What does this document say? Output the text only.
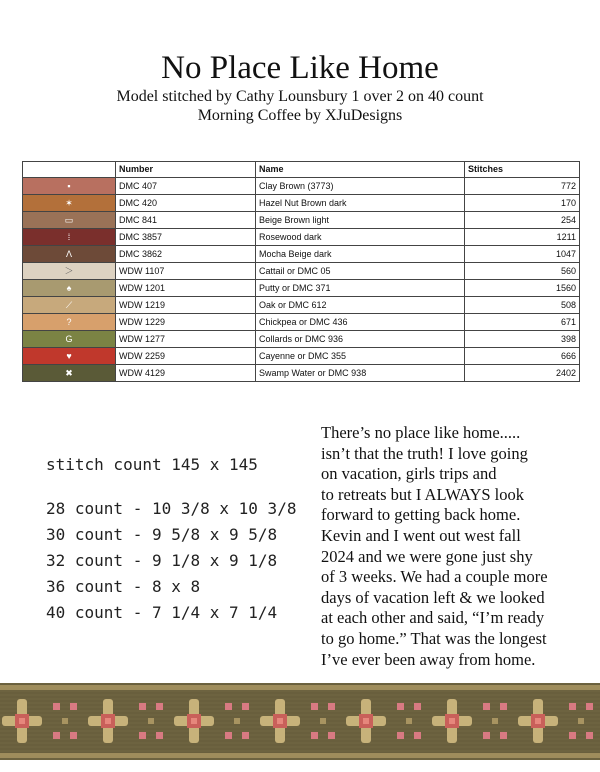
No Place Like Home
Model stitched by Cathy Lounsbury 1 over 2 on 40 count
Morning Coffee by XJuDesigns
	Number	Name	Stitches

▪	DMC 407	Clay Brown (3773)	772

✶	DMC 420	Hazel Nut Brown dark	170

▭	DMC 841	Beige Brown light	254

⁞	DMC 3857	Rosewood dark	1211

Λ	DMC 3862	Mocha Beige dark	1047

＞	WDW 1107	Cattail or DMC 05	560

♠	WDW 1201	Putty or DMC 371	1560

⟋	WDW 1219	Oak or DMC 612	508

?	WDW 1229	Chickpea or DMC 436	671

G	WDW 1277	Collards or DMC 936	398

♥	WDW 2259	Cayenne or DMC 355	666

✖	WDW 4129	Swamp Water or DMC 938	2402
stitch count 145 x 145
28 count - 10 3/8 x 10 3/8
30 count - 9 5/8 x 9 5/8
32 count - 9 1/8 x 9 1/8
36 count - 8 x 8
40 count - 7 1/4 x 7 1/4
There’s no place like home.....
isn’t that the truth! I love going
on vacation, girls trips and
to retreats but I ALWAYS look
forward to getting back home.
Kevin and I went out west fall
2024 and we were gone just shy
of 3 weeks. We had a couple more
days of vacation left & we looked
at each other and said, “I’m ready
to go home.” That was the longest
I’ve ever been away from home.
